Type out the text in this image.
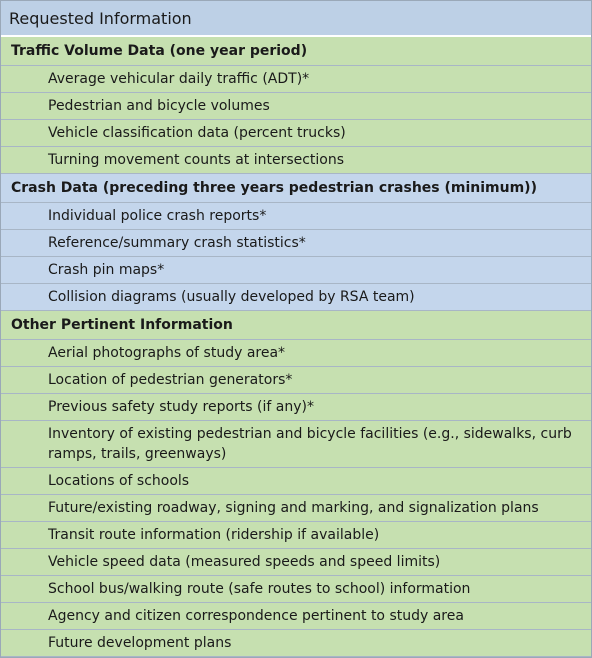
Requested Information
Traffic Volume Data (one year period)
Average vehicular daily traffic (ADT)*
Pedestrian and bicycle volumes
Vehicle classification data (percent trucks)
Turning movement counts at intersections
Crash Data (preceding three years pedestrian crashes (minimum))
Individual police crash reports*
Reference/summary crash statistics*
Crash pin maps*
Collision diagrams (usually developed by RSA team)
Other Pertinent Information
Aerial photographs of study area*
Location of pedestrian generators*
Previous safety study reports (if any)*
Inventory of existing pedestrian and bicycle facilities (e.g., sidewalks, curb ramps, trails, greenways)
Locations of schools
Future/existing roadway, signing and marking, and signalization plans
Transit route information (ridership if available)
Vehicle speed data (measured speeds and speed limits)
School bus/walking route (safe routes to school) information
Agency and citizen correspondence pertinent to study area
Future development plans
